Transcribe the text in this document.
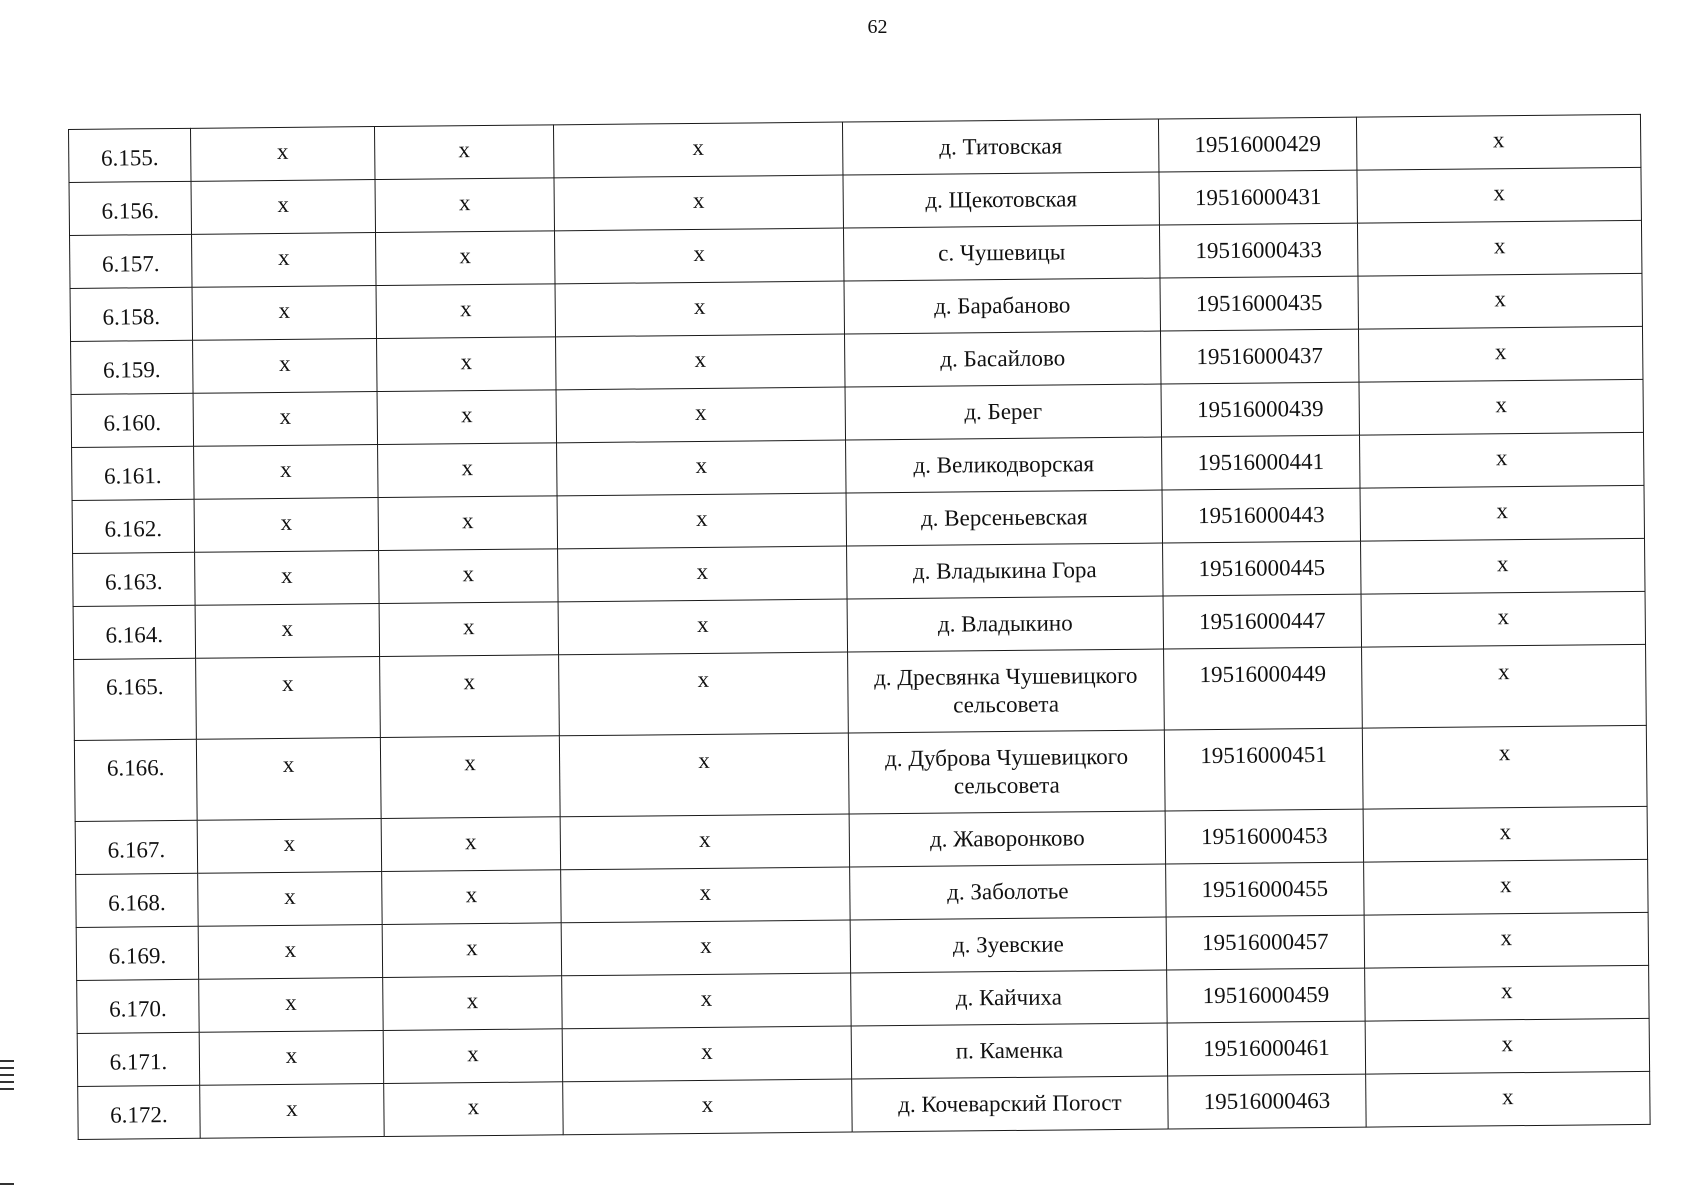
62
6.155.	x	x	x	д. Титовская	19516000429	x
6.156.	x	x	x	д. Щекотовская	19516000431	x
6.157.	x	x	x	с. Чушевицы	19516000433	x
6.158.	x	x	x	д. Барабаново	19516000435	x
6.159.	x	x	x	д. Басайлово	19516000437	x
6.160.	x	x	x	д. Берег	19516000439	x
6.161.	x	x	x	д. Великодворская	19516000441	x
6.162.	x	x	x	д. Версеньевская	19516000443	x
6.163.	x	x	x	д. Владыкина Гора	19516000445	x
6.164.	x	x	x	д. Владыкино	19516000447	x
6.165.	x	x	x	д. Дресвянка Чушевицкого сельсовета	19516000449	x
6.166.	x	x	x	д. Дуброва Чушевицкого сельсовета	19516000451	x
6.167.	x	x	x	д. Жаворонково	19516000453	x
6.168.	x	x	x	д. Заболотье	19516000455	x
6.169.	x	x	x	д. Зуевские	19516000457	x
6.170.	x	x	x	д. Кайчиха	19516000459	x
6.171.	x	x	x	п. Каменка	19516000461	x
6.172.	x	x	x	д. Кочеварский Погост	19516000463	x
